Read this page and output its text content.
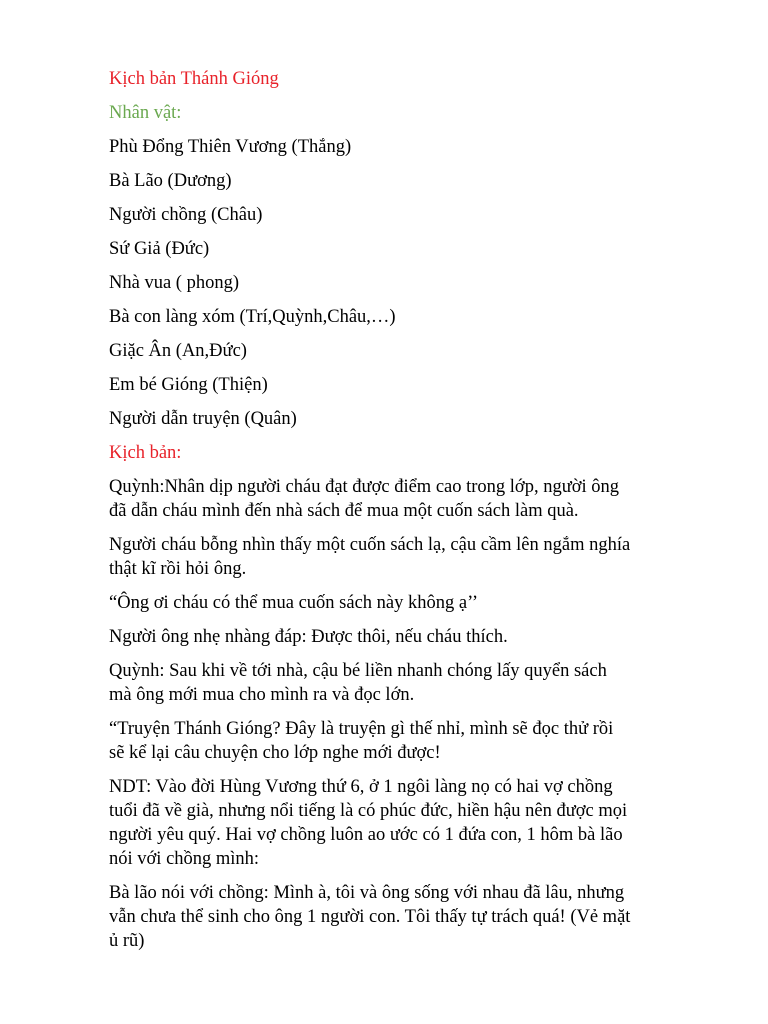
Kịch bản Thánh Gióng
Nhân vật:
Phù Đổng Thiên Vương (Thắng)
Bà Lão (Dương)
Người chồng (Châu)
Sứ Giả (Đức)
Nhà vua ( phong)
Bà con làng xóm (Trí,Quỳnh,Châu,…)
Giặc Ân (An,Đức)
Em bé Gióng (Thiện)
Người dẫn truyện (Quân)
Kịch bản:
Quỳnh:Nhân dịp người cháu đạt được điểm cao trong lớp, người ông
đã dẫn cháu mình đến nhà sách để mua một cuốn sách làm quà.
Người cháu bỗng nhìn thấy một cuốn sách lạ, cậu cầm lên ngắm nghía
thật kĩ rồi hỏi ông.
“Ông ơi cháu có thể mua cuốn sách này không ạ’’
Người ông nhẹ nhàng đáp: Được thôi, nếu cháu thích.
Quỳnh: Sau khi về tới nhà, cậu bé liền nhanh chóng lấy quyển sách
mà ông mới mua cho mình ra và đọc lớn.
“Truyện Thánh Gióng? Đây là truyện gì thế nhỉ, mình sẽ đọc thử rồi
sẽ kể lại câu chuyện cho lớp nghe mới được!
NDT: Vào đời Hùng Vương thứ 6, ở 1 ngôi làng nọ có hai vợ chồng
tuổi đã về già, nhưng nổi tiếng là có phúc đức, hiền hậu nên được mọi
người yêu quý. Hai vợ chồng luôn ao ước có 1 đứa con, 1 hôm bà lão
nói với chồng mình:
Bà lão nói với chồng: Mình à, tôi và ông sống với nhau đã lâu, nhưng
vẫn chưa thể sinh cho ông 1 người con. Tôi thấy tự trách quá! (Vẻ mặt
ủ rũ)
